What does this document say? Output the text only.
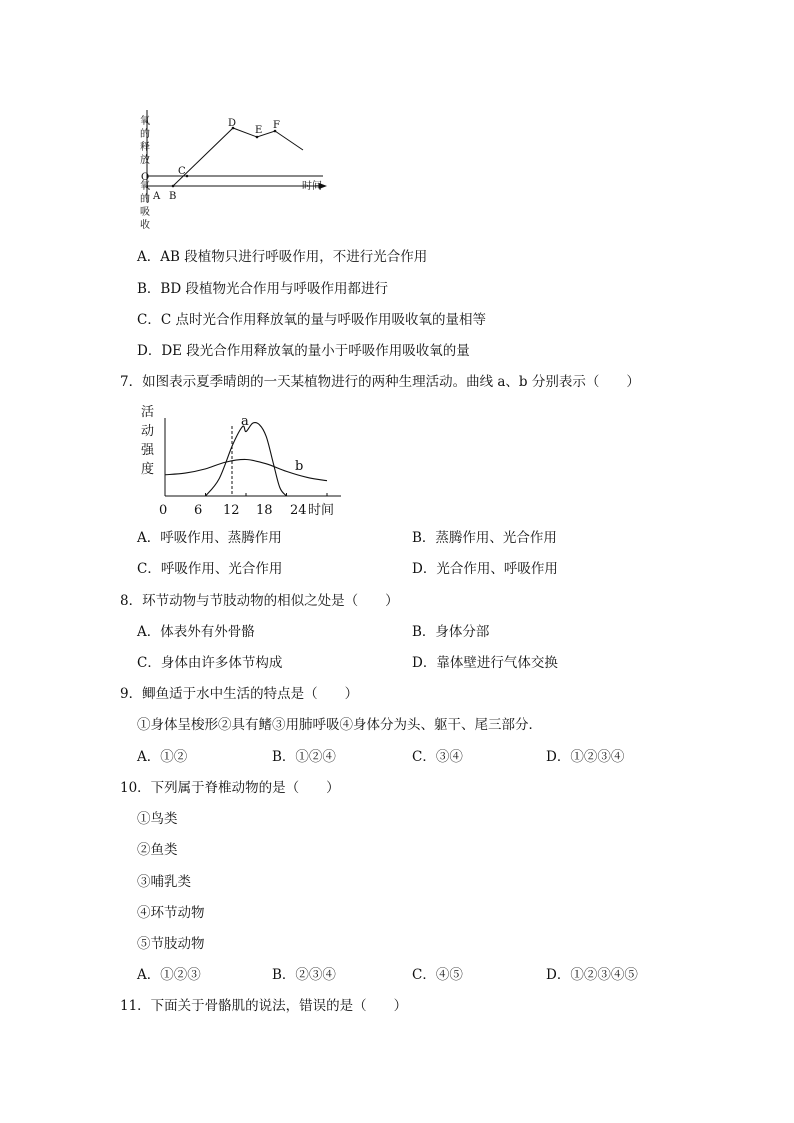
氧的释放
O
氧的吸收
A B
C
D
E F
时间
A．AB 段植物只进行呼吸作用，不进行光合作用
B．BD 段植物光合作用与呼吸作用都进行
C．C 点时光合作用释放氧的量与呼吸作用吸收氧的量相等
D．DE 段光合作用释放氧的量小于呼吸作用吸收氧的量
7．如图表示夏季晴朗的一天某植物进行的两种生理活动。曲线 a、b 分别表示（　　）
活动强度
a
b
0 6 12 18 24 时间
A．呼吸作用、蒸腾作用	B．蒸腾作用、光合作用
C．呼吸作用、光合作用	D．光合作用、呼吸作用
8．环节动物与节肢动物的相似之处是（　　）
A．体表外有外骨骼	B．身体分部
C．身体由许多体节构成	D．靠体壁进行气体交换
9．鲫鱼适于水中生活的特点是（　　）
①身体呈梭形②具有鳍③用肺呼吸④身体分为头、躯干、尾三部分．
A．①②	B．①②④	C．③④	D．①②③④
10．下列属于脊椎动物的是（　　）
①鸟类
②鱼类
③哺乳类
④环节动物
⑤节肢动物
A．①②③	B．②③④	C．④⑤	D．①②③④⑤
11．下面关于骨骼肌的说法，错误的是（　　）
